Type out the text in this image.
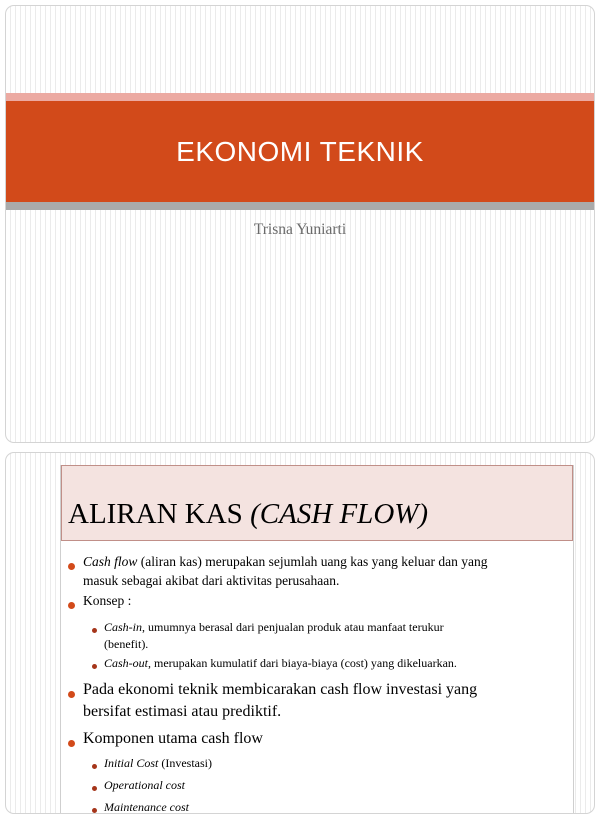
EKONOMI TEKNIK
Trisna Yuniarti
ALIRAN KAS (CASH FLOW)
Cash flow (aliran kas) merupakan sejumlah uang kas yang keluar dan yang
masuk sebagai akibat dari aktivitas perusahaan.
Konsep :
Cash-in, umumnya berasal dari penjualan produk atau manfaat terukur
(benefit).
Cash-out, merupakan kumulatif dari biaya-biaya (cost) yang dikeluarkan.
Pada ekonomi teknik membicarakan cash flow investasi yang
bersifat estimasi atau prediktif.
Komponen utama cash flow
Initial Cost (Investasi)
Operational cost
Maintenance cost
